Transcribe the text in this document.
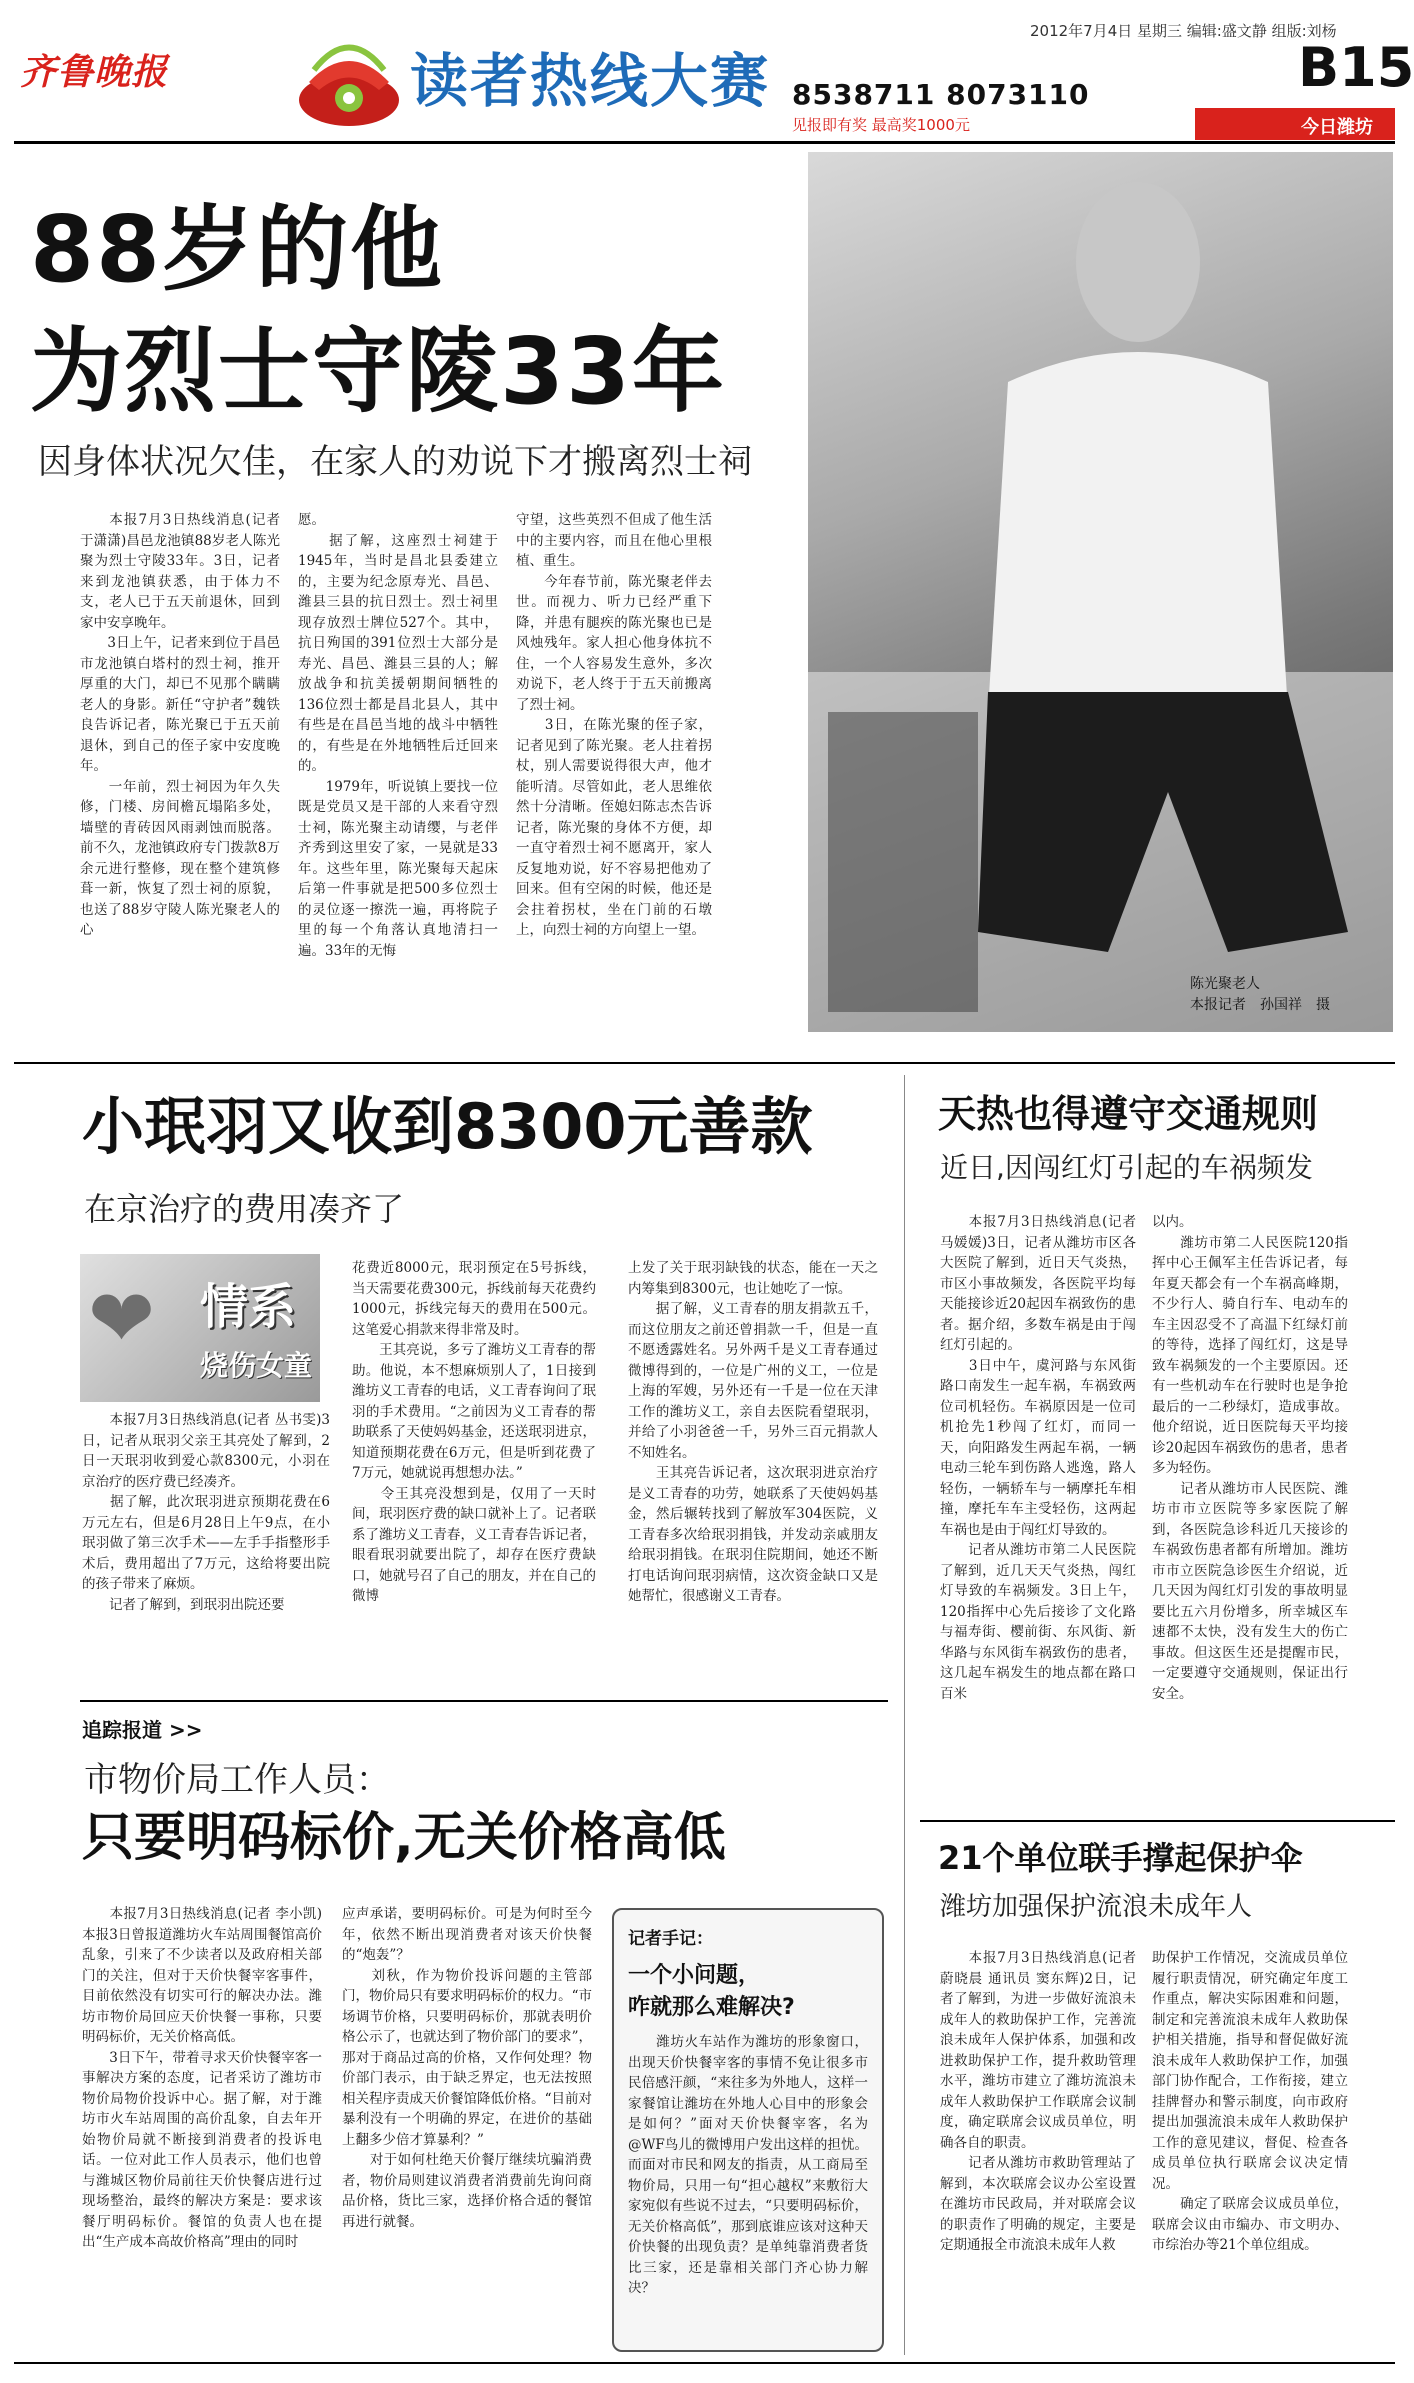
齐鲁晚报	读者热线大赛 8538711 8073110
见报即有奖 最高奖1000元
2012年7月4日 星期三 编辑:盛文静 组版:刘杨
B15
今日潍坊
88岁的他
为烈士守陵33年
因身体状况欠佳，在家人的劝说下才搬离烈士祠
陈光聚老人
本报记者　孙国祥　摄
　　本报7月3日热线消息(记者 于潇潇)昌邑龙池镇88岁老人陈光聚为烈士守陵33年。3日，记者来到龙池镇获悉，由于体力不支，老人已于五天前退休，回到家中安享晚年。
　　3日上午，记者来到位于昌邑市龙池镇白塔村的烈士祠，推开厚重的大门，却已不见那个瞒瞒老人的身影。新任“守护者”魏铁良告诉记者，陈光聚已于五天前退休，到自己的侄子家中安度晚年。
　　一年前，烈士祠因为年久失修，门楼、房间檐瓦塌陷多处，墙壁的青砖因风雨剥蚀而脱落。前不久，龙池镇政府专门拨款8万余元进行整修，现在整个建筑修葺一新，恢复了烈士祠的原貌，也送了88岁守陵人陈光聚老人的心
愿。
　　据了解，这座烈士祠建于1945年，当时是昌北县委建立的，主要为纪念原寿光、昌邑、潍县三县的抗日烈士。烈士祠里现存放烈士牌位527个。其中，抗日殉国的391位烈士大部分是寿光、昌邑、潍县三县的人；解放战争和抗美援朝期间牺牲的136位烈士都是昌北县人，其中有些是在昌邑当地的战斗中牺牲的，有些是在外地牺牲后迁回来的。
　　1979年，听说镇上要找一位既是党员又是干部的人来看守烈士祠，陈光聚主动请缨，与老伴齐秀到这里安了家，一晃就是33年。这些年里，陈光聚每天起床后第一件事就是把500多位烈士的灵位逐一擦洗一遍，再将院子里的每一个角落认真地清扫一遍。33年的无悔
守望，这些英烈不但成了他生活中的主要内容，而且在他心里根植、重生。
　　今年春节前，陈光聚老伴去世。而视力、听力已经严重下降，并患有腿疾的陈光聚也已是风烛残年。家人担心他身体抗不住，一个人容易发生意外，多次劝说下，老人终于于五天前搬离了烈士祠。
　　3日，在陈光聚的侄子家，记者见到了陈光聚。老人拄着拐杖，别人需要说得很大声，他才能听清。尽管如此，老人思维依然十分清晰。侄媳妇陈志杰告诉记者，陈光聚的身体不方便，却一直守着烈士祠不愿离开，家人反复地劝说，好不容易把他劝了回来。但有空闲的时候，他还是会拄着拐杖，坐在门前的石墩上，向烈士祠的方向望上一望。
小珉羽又收到8300元善款
在京治疗的费用凑齐了
❤ 情系
烧伤女童
　　本报7月3日热线消息(记者 丛书雯)3日，记者从珉羽父亲王其亮处了解到，2日一天珉羽收到爱心款8300元，小羽在京治疗的医疗费已经凑齐。
　　据了解，此次珉羽进京预期花费在6万元左右，但是6月28日上午9点，在小珉羽做了第三次手术——左手手指整形手术后，费用超出了7万元，这给将要出院的孩子带来了麻烦。
　　记者了解到，到珉羽出院还要
花费近8000元，珉羽预定在5号拆线，当天需要花费300元，拆线前每天花费约1000元，拆线完每天的费用在500元。这笔爱心捐款来得非常及时。
　　王其亮说，多亏了潍坊义工青春的帮助。他说，本不想麻烦别人了，1日接到潍坊义工青春的电话，义工青春询问了珉羽的手术费用。“之前因为义工青春的帮助联系了天使妈妈基金，还送珉羽进京，知道预期花费在6万元，但是听到花费了7万元，她就说再想想办法。”
　　令王其亮没想到是，仅用了一天时间，珉羽医疗费的缺口就补上了。记者联系了潍坊义工青春，义工青春告诉记者，眼看珉羽就要出院了，却存在医疗费缺口，她就号召了自己的朋友，并在自己的微博
上发了关于珉羽缺钱的状态，能在一天之内筹集到8300元，也让她吃了一惊。
　　据了解，义工青春的朋友捐款五千，而这位朋友之前还曾捐款一千，但是一直不愿透露姓名。另外两千是义工青春通过微博得到的，一位是广州的义工，一位是上海的军嫂，另外还有一千是一位在天津工作的潍坊义工，亲自去医院看望珉羽，并给了小羽爸爸一千，另外三百元捐款人不知姓名。
　　王其亮告诉记者，这次珉羽进京治疗是义工青春的功劳，她联系了天使妈妈基金，然后辗转找到了解放军304医院，义工青春多次给珉羽捐钱，并发动亲戚朋友给珉羽捐钱。在珉羽住院期间，她还不断打电话询问珉羽病情，这次资金缺口又是她帮忙，很感谢义工青春。
天热也得遵守交通规则
近日,因闯红灯引起的车祸频发
　　本报7月3日热线消息(记者 马媛媛)3日，记者从潍坊市区各大医院了解到，近日天气炎热，市区小事故频发，各医院平均每天能接诊近20起因车祸致伤的患者。据介绍，多数车祸是由于闯红灯引起的。
　　3日中午，虞河路与东风街路口南发生一起车祸，车祸致两位司机轻伤。车祸原因是一位司机抢先1秒闯了红灯，而同一天，向阳路发生两起车祸，一辆电动三轮车到伤路人逃逸，路人轻伤，一辆轿车与一辆摩托车相撞，摩托车车主受轻伤，这两起车祸也是由于闯红灯导致的。
　　记者从潍坊市第二人民医院了解到，近几天天气炎热，闯红灯导致的车祸频发。3日上午，120指挥中心先后接诊了文化路与福寿街、樱前街、东风街、新华路与东风街车祸致伤的患者，这几起车祸发生的地点都在路口百米
以内。
　　潍坊市第二人民医院120指挥中心王佩军主任告诉记者，每年夏天都会有一个车祸高峰期，不少行人、骑自行车、电动车的车主因忍受不了高温下红绿灯前的等待，选择了闯红灯，这是导致车祸频发的一个主要原因。还有一些机动车在行驶时也是争抢最后的一二秒绿灯，造成事故。他介绍说，近日医院每天平均接诊20起因车祸致伤的患者，患者多为轻伤。
　　记者从潍坊市人民医院、潍坊市市立医院等多家医院了解到，各医院急诊科近几天接诊的车祸致伤患者都有所增加。潍坊市市立医院急诊医生介绍说，近几天因为闯红灯引发的事故明显要比五六月份增多，所幸城区车速都不太快，没有发生大的伤亡事故。但这医生还是提醒市民，一定要遵守交通规则，保证出行安全。
追踪报道 >>
市物价局工作人员：
只要明码标价,无关价格高低
　　本报7月3日热线消息(记者 李小凯)本报3日曾报道潍坊火车站周围餐馆高价乱象，引来了不少读者以及政府相关部门的关注，但对于天价快餐宰客事件，目前依然没有切实可行的解决办法。潍坊市物价局回应天价快餐一事称，只要明码标价，无关价格高低。
　　3日下午，带着寻求天价快餐宰客一事解决方案的态度，记者采访了潍坊市物价局物价投诉中心。据了解，对于潍坊市火车站周围的高价乱象，自去年开始物价局就不断接到消费者的投诉电话。一位对此工作人员表示，他们也曾与潍城区物价局前往天价快餐店进行过现场整治，最终的解决方案是：要求该餐厅明码标价。餐馆的负责人也在提出“生产成本高故价格高”理由的同时
应声承诺，要明码标价。可是为何时至今年，依然不断出现消费者对该天价快餐的“炮轰”？
　　刘秋，作为物价投诉问题的主管部门，物价局只有要求明码标价的权力。“市场调节价格，只要明码标价，那就表明价格公示了，也就达到了物价部门的要求”，那对于商品过高的价格，又作何处理？物价部门表示，由于缺乏界定，也无法按照相关程序责成天价餐馆降低价格。“目前对暴利没有一个明确的界定，在进价的基础上翻多少倍才算暴利？”
　　对于如何杜绝天价餐厅继续坑骗消费者，物价局则建议消费者消费前先询问商品价格，货比三家，选择价格合适的餐馆再进行就餐。
记者手记：
一个小问题，
咋就那么难解决?
　　潍坊火车站作为潍坊的形象窗口，出现天价快餐宰客的事情不免让很多市民倍感汗颜，“来往多为外地人，这样一家餐馆让潍坊在外地人心目中的形象会是如何？”面对天价快餐宰客，名为@WF鸟儿的微博用户发出这样的担忧。而面对市民和网友的指责，从工商局至物价局，只用一句“担心越权”来敷衍大家宛似有些说不过去，“只要明码标价，无关价格高低”，那到底谁应该对这种天价快餐的出现负责？是单纯靠消费者货比三家，还是靠相关部门齐心协力解决？
21个单位联手撑起保护伞
潍坊加强保护流浪未成年人
　　本报7月3日热线消息(记者 蔚晓晨 通讯员 窦东辉)2日，记者了解到，为进一步做好流浪未成年人的救助保护工作，完善流浪未成年人保护体系，加强和改进救助保护工作，提升救助管理水平，潍坊市建立了潍坊流浪未成年人救助保护工作联席会议制度，确定联席会议成员单位，明确各自的职责。
　　记者从潍坊市救助管理站了解到，本次联席会议办公室设置在潍坊市民政局，并对联席会议的职责作了明确的规定，主要是定期通报全市流浪未成年人救
助保护工作情况，交流成员单位履行职责情况，研究确定年度工作重点，解决实际困难和问题，制定和完善流浪未成年人救助保护相关措施，指导和督促做好流浪未成年人救助保护工作，加强部门协作配合，工作衔接，建立挂牌督办和警示制度，向市政府提出加强流浪未成年人救助保护工作的意见建议，督促、检查各成员单位执行联席会议决定情况。
　　确定了联席会议成员单位，联席会议由市编办、市文明办、市综治办等21个单位组成。
